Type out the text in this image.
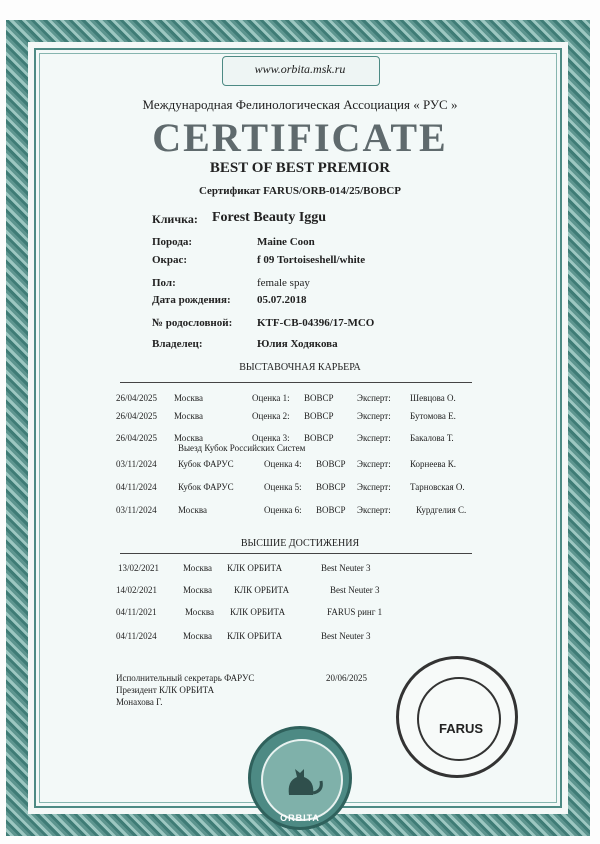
www.orbita.msk.ru
Международная Фелинологическая Ассоциация « РУС »
CERTIFICATE
BEST OF BEST PREMIOR
Сертификат FARUS/ORB-014/25/BOBCP
Кличка: Forest Beauty Iggu
Порода:	Maine Coon
Окрас:	f 09 Tortoiseshell/white
Пол:	female spay
Дата рождения: 05.07.2018
№ родословной: KTF-CB-04396/17-MCO
Владелец:	Юлия Ходякова
ВЫСТАВОЧНАЯ КАРЬЕРА
26/04/2025 Москва	Оценка 1: BOBCP	Эксперт: Шевцова О.
26/04/2025 Москва	Оценка 2: BOBCP	Эксперт: Бутомова Е.
26/04/2025 Москва	Оценка 3: BOBCP	Эксперт: Бакалова Т.
Выезд Кубок Российских Систем
03/11/2024 Кубок ФАРУС	Оценка 4: BOBCP Эксперт: Корнеева К.
04/11/2024 Кубок ФАРУС	Оценка 5: BOBCP Эксперт: Тарновская О.
03/11/2024 Москва	Оценка 6: BOBCP Эксперт:	Курдгелия С.
ВЫСШИЕ ДОСТИЖЕНИЯ
13/02/2021	Москва КЛК ОРБИТА	Best Neuter 3
14/02/2021	Москва КЛК ОРБИТА	Best Neuter 3
04/11/2021	Москва КЛК ОРБИТА	FARUS ринг 1
04/11/2024	Москва КЛК ОРБИТА	Best Neuter 3
Исполнительный секретарь ФАРУС	20/06/2025
Президент КЛК ОРБИТА
Монахова Г.
FARUS
ORBITA
